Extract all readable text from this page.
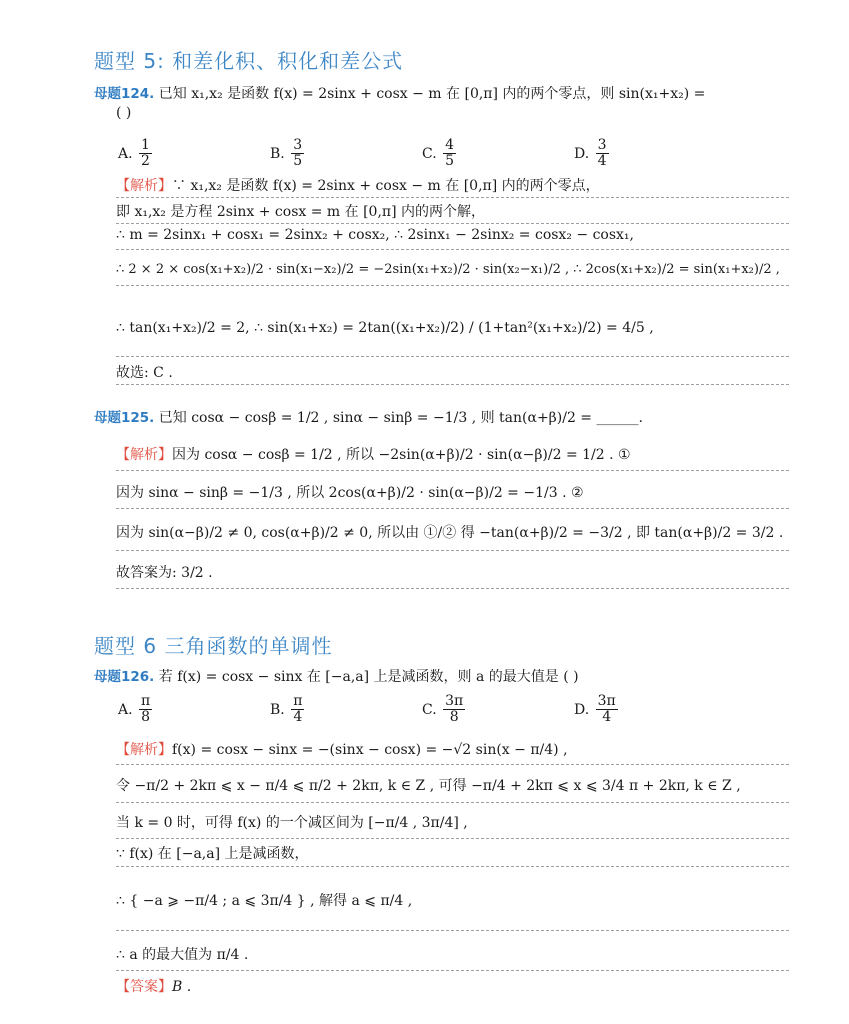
题型 5: 和差化积、积化和差公式
母题124. 已知 x₁,x₂ 是函数 f(x) = 2sinx + cosx − m 在 [0,π] 内的两个零点，则 sin(x₁+x₂) =
( )
A. $\frac{1}{2}$	B. $\frac{3}{5}$	C. $\frac{4}{5}$	D. $\frac{3}{4}$
【解析】∵ x₁,x₂ 是函数 f(x) = 2sinx + cosx − m 在 [0,π] 内的两个零点，
即 x₁,x₂ 是方程 2sinx + cosx = m 在 [0,π] 内的两个解，
∴ m = 2sinx₁ + cosx₁ = 2sinx₂ + cosx₂, ∴ 2sinx₁ − 2sinx₂ = cosx₂ − cosx₁,
∴ 2 × 2 × cos(x₁+x₂)/2 · sin(x₁−x₂)/2 = −2sin(x₁+x₂)/2 · sin(x₂−x₁)/2 , ∴ 2cos(x₁+x₂)/2 = sin(x₁+x₂)/2 ,
∴ tan(x₁+x₂)/2 = 2, ∴ sin(x₁+x₂) = 2tan((x₁+x₂)/2) / (1+tan²(x₁+x₂)/2) = 4/5 ,
故选: C .
母题125. 已知 cosα − cosβ = 1/2 , sinα − sinβ = −1/3 , 则 tan(α+β)/2 = ______.
【解析】因为 cosα − cosβ = 1/2 , 所以 −2sin(α+β)/2 · sin(α−β)/2 = 1/2 . ①
因为 sinα − sinβ = −1/3 , 所以 2cos(α+β)/2 · sin(α−β)/2 = −1/3 . ②
因为 sin(α−β)/2 ≠ 0, cos(α+β)/2 ≠ 0, 所以由 ①/② 得 −tan(α+β)/2 = −3/2 , 即 tan(α+β)/2 = 3/2 .
故答案为: 3/2 .
题型 6 三角函数的单调性
母题126. 若 f(x) = cosx − sinx 在 [−a,a] 上是减函数，则 a 的最大值是 ( )
A. $\frac{\pi}{8}$	B. $\frac{\pi}{4}$	C. $\frac{3\pi}{8}$	D. $\frac{3\pi}{4}$
【解析】f(x) = cosx − sinx = −(sinx − cosx) = −√2 sin(x − π/4) ,
令 −π/2 + 2kπ ⩽ x − π/4 ⩽ π/2 + 2kπ, k ∈ Z , 可得 −π/4 + 2kπ ⩽ x ⩽ 3/4 π + 2kπ, k ∈ Z ,
当 k = 0 时，可得 f(x) 的一个减区间为 [−π/4 , 3π/4] ,
∵ f(x) 在 [−a,a] 上是减函数，
∴ { −a ⩾ −π/4 ; a ⩽ 3π/4 } , 解得 a ⩽ π/4 ,
∴ a 的最大值为 π/4 .
【答案】B .
